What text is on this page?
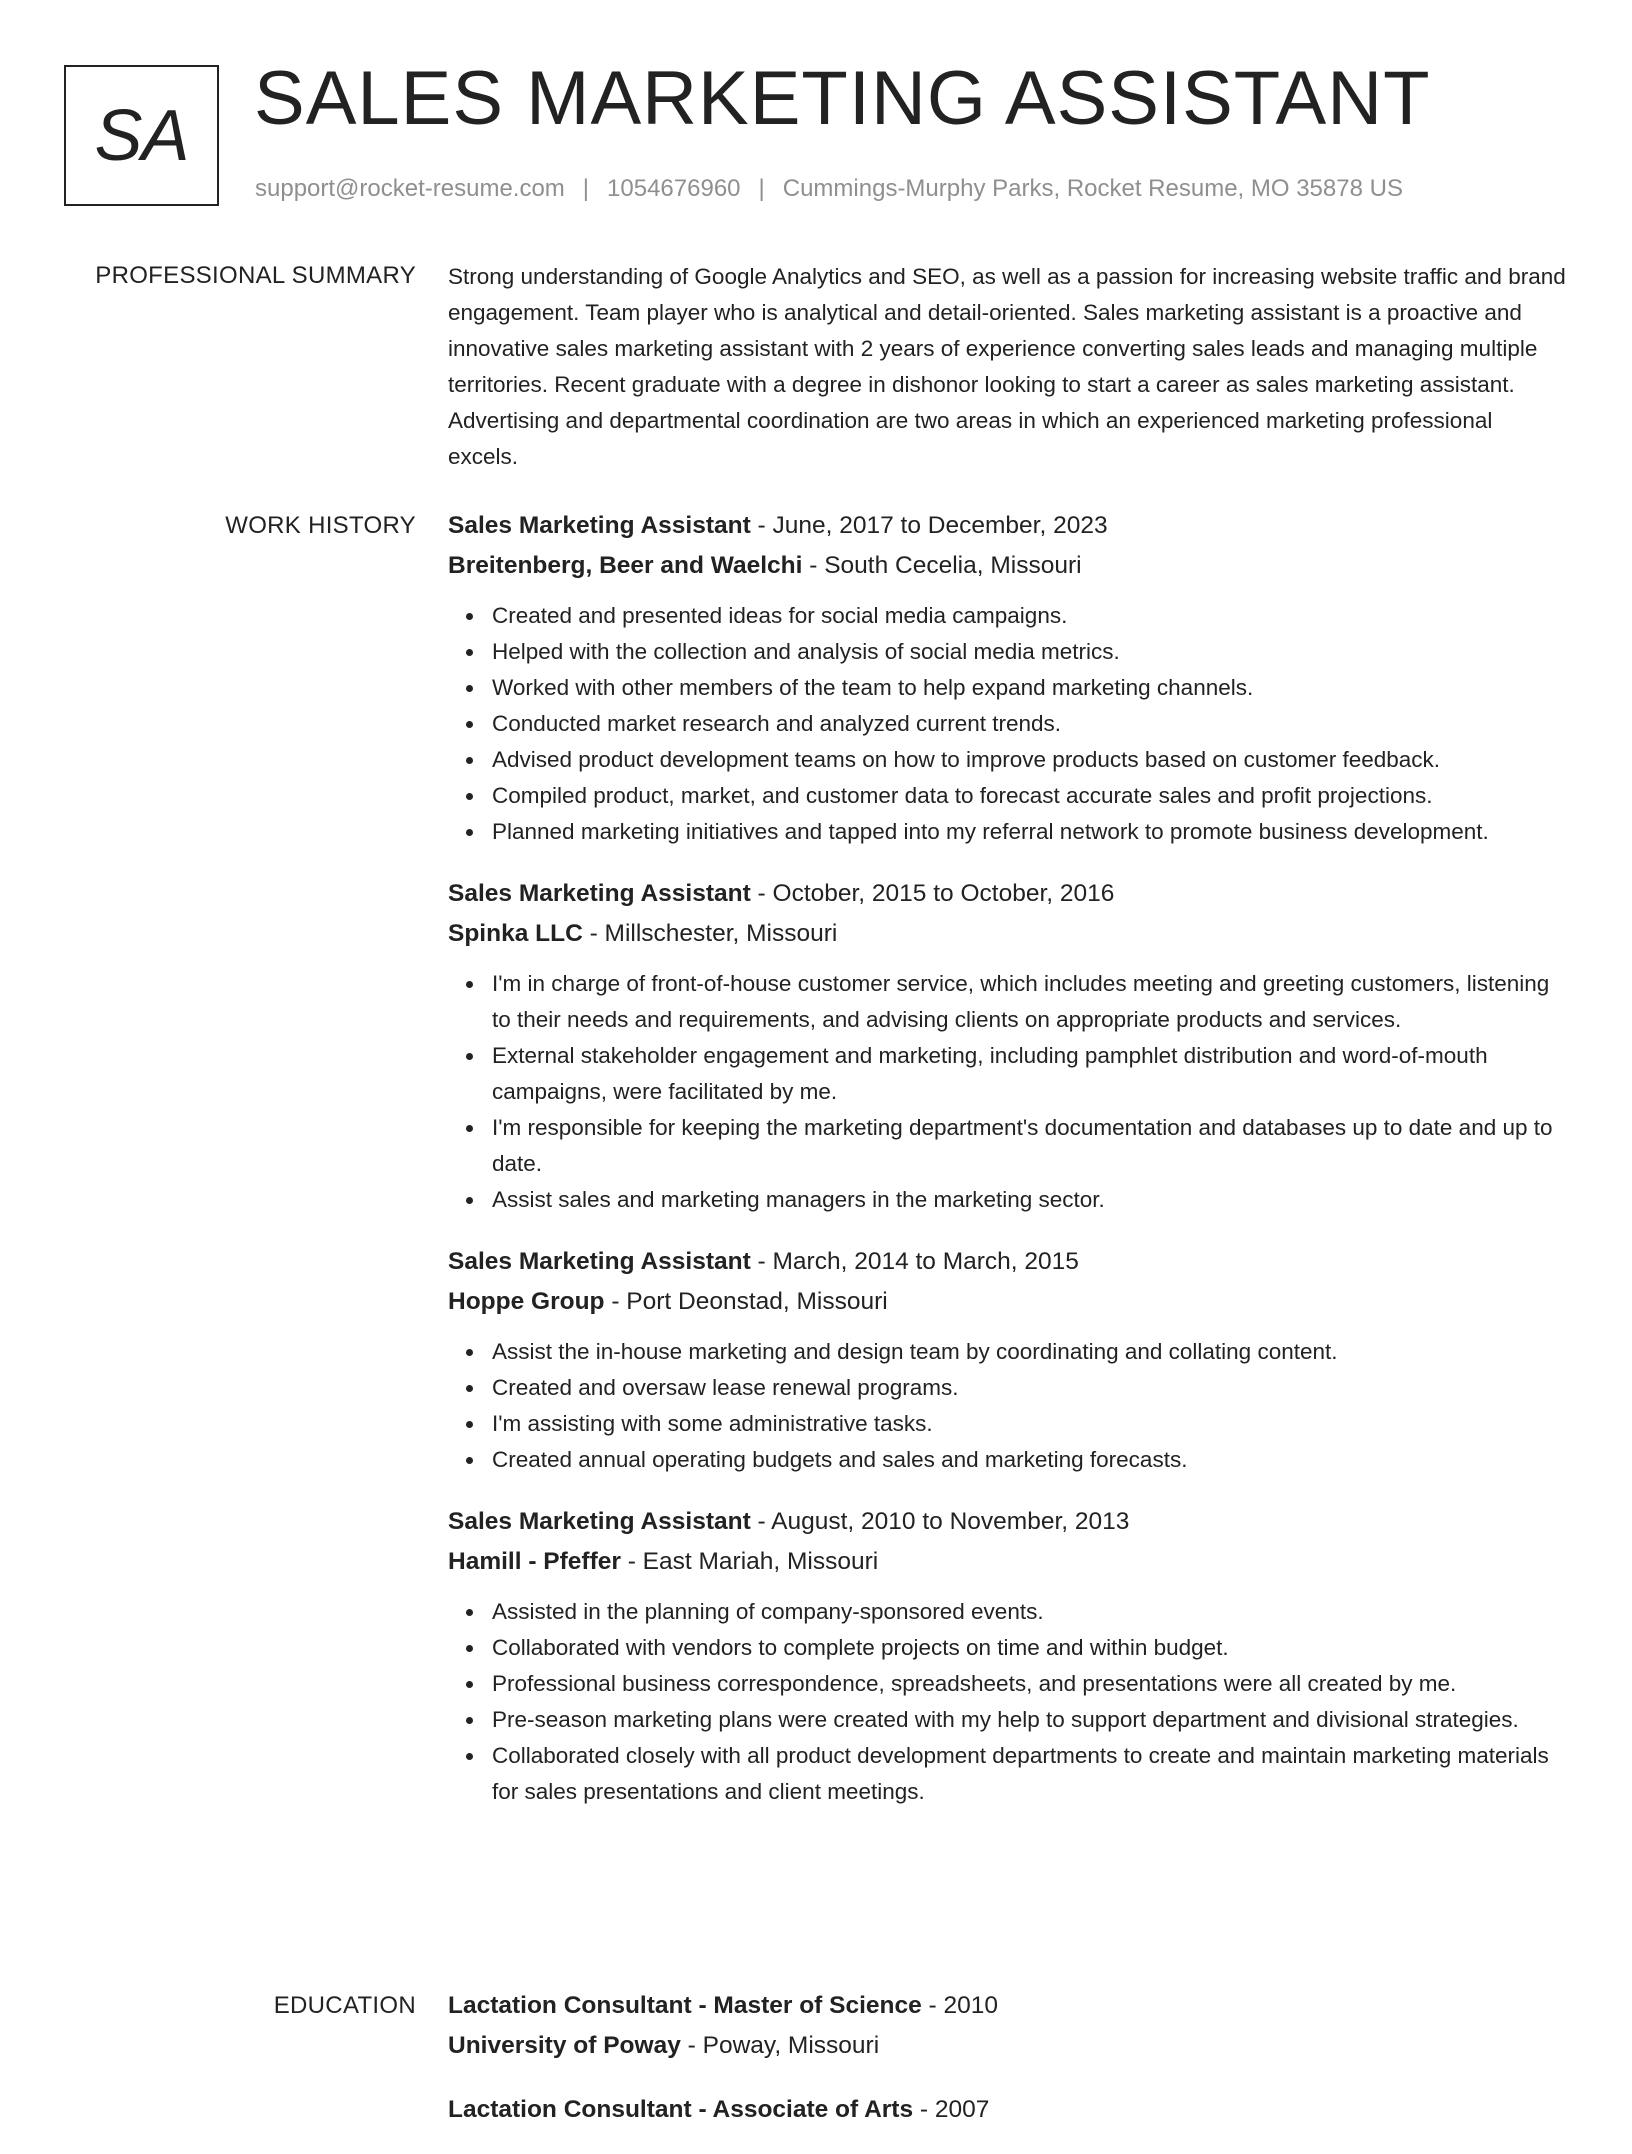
SA SALES MARKETING ASSISTANT
support@rocket-resume.com | 1054676960 | Cummings-Murphy Parks, Rocket Resume, MO 35878 US
PROFESSIONAL SUMMARY Strong understanding of Google Analytics and SEO, as well as a passion for increasing website traffic and brand engagement. Team player who is analytical and detail-oriented. Sales marketing assistant is a proactive and innovative sales marketing assistant with 2 years of experience converting sales leads and managing multiple territories. Recent graduate with a degree in dishonor looking to start a career as sales marketing assistant. Advertising and departmental coordination are two areas in which an experienced marketing professional excels.
WORK HISTORY Sales Marketing Assistant - June, 2017 to December, 2023
Breitenberg, Beer and Waelchi - South Cecelia, Missouri
Created and presented ideas for social media campaigns.
Helped with the collection and analysis of social media metrics.
Worked with other members of the team to help expand marketing channels.
Conducted market research and analyzed current trends.
Advised product development teams on how to improve products based on customer feedback.
Compiled product, market, and customer data to forecast accurate sales and profit projections.
Planned marketing initiatives and tapped into my referral network to promote business development.
Sales Marketing Assistant - October, 2015 to October, 2016
Spinka LLC - Millschester, Missouri
I'm in charge of front-of-house customer service, which includes meeting and greeting customers, listening to their needs and requirements, and advising clients on appropriate products and services.
External stakeholder engagement and marketing, including pamphlet distribution and word-of-mouth campaigns, were facilitated by me.
I'm responsible for keeping the marketing department's documentation and databases up to date and up to date.
Assist sales and marketing managers in the marketing sector.
Sales Marketing Assistant - March, 2014 to March, 2015
Hoppe Group - Port Deonstad, Missouri
Assist the in-house marketing and design team by coordinating and collating content.
Created and oversaw lease renewal programs.
I'm assisting with some administrative tasks.
Created annual operating budgets and sales and marketing forecasts.
Sales Marketing Assistant - August, 2010 to November, 2013
Hamill - Pfeffer - East Mariah, Missouri
Assisted in the planning of company-sponsored events.
Collaborated with vendors to complete projects on time and within budget.
Professional business correspondence, spreadsheets, and presentations were all created by me.
Pre-season marketing plans were created with my help to support department and divisional strategies.
Collaborated closely with all product development departments to create and maintain marketing materials for sales presentations and client meetings.
EDUCATION Lactation Consultant - Master of Science - 2010
University of Poway - Poway, Missouri
Lactation Consultant - Associate of Arts - 2007
